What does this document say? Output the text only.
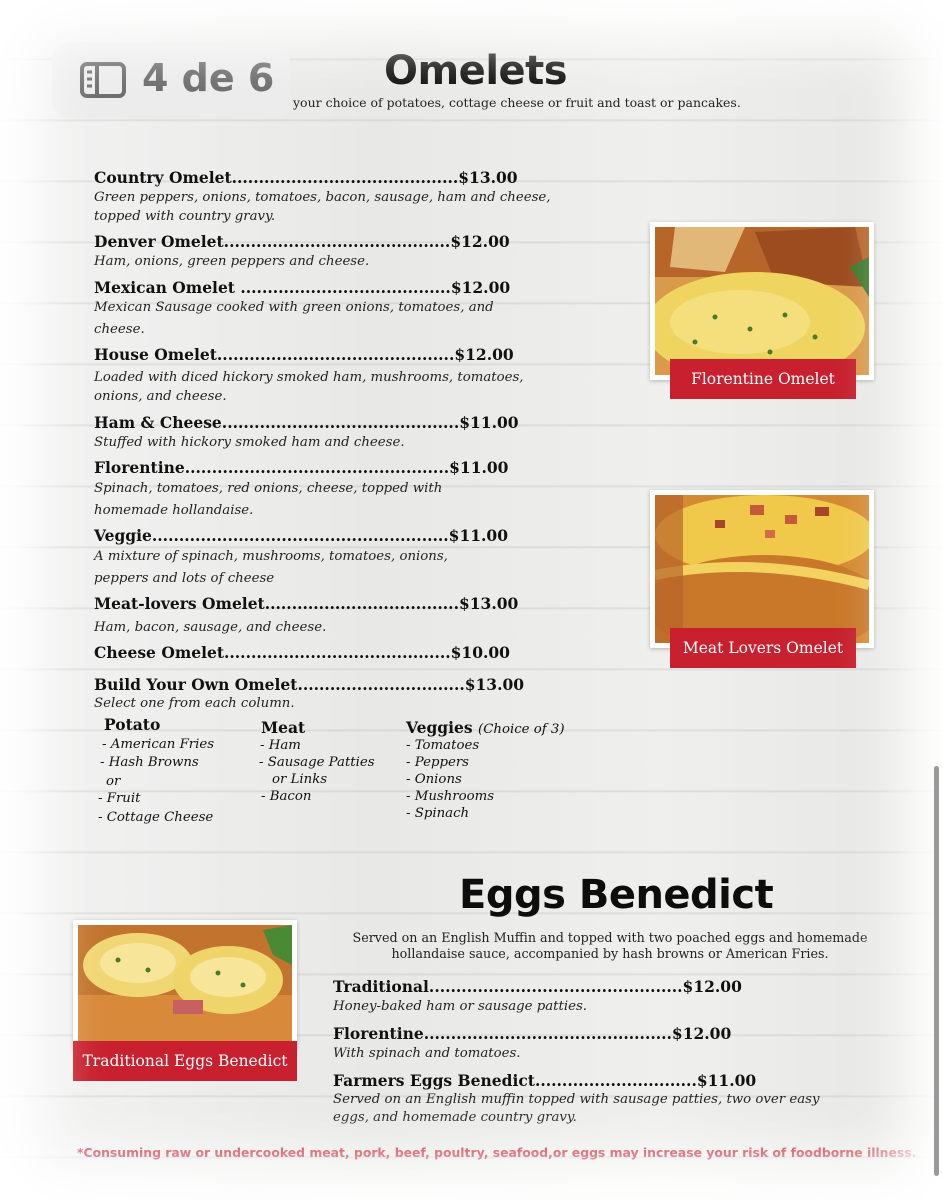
4 de 6	Omelets
your choice of potatoes, cottage cheese or fruit and toast or pancakes.
Country Omelet..........................................$13.00
Green peppers, onions, tomatoes, bacon, sausage, ham and cheese,
topped with country gravy.
Denver Omelet..........................................$12.00
Ham, onions, green peppers and cheese.
Mexican Omelet .......................................$12.00
Mexican Sausage cooked with green onions, tomatoes, and
cheese.
House Omelet............................................$12.00
Loaded with diced hickory smoked ham, mushrooms, tomatoes,
onions, and cheese.
Ham & Cheese............................................$11.00
Stuffed with hickory smoked ham and cheese.
Florentine.................................................$11.00
Spinach, tomatoes, red onions, cheese, topped with
homemade hollandaise.
Veggie.......................................................$11.00
A mixture of spinach, mushrooms, tomatoes, onions,
peppers and lots of cheese
Meat-lovers Omelet....................................$13.00
Ham, bacon, sausage, and cheese.
Cheese Omelet..........................................$10.00
Build Your Own Omelet...............................$13.00
Select one from each column.
Potato
- American Fries
- Hash Browns
or
- Fruit
- Cottage Cheese
Meat
- Ham
- Sausage Patties
or Links
- Bacon
Veggies (Choice of 3)
- Tomatoes
- Peppers
- Onions
- Mushrooms
- Spinach
Florentine Omelet
Meat Lovers Omelet
Eggs Benedict
Served on an English Muffin and topped with two poached eggs and homemade
hollandaise sauce, accompanied by hash browns or American Fries.
Traditional...............................................$12.00
Honey-baked ham or sausage patties.
Florentine..............................................$12.00
With spinach and tomatoes.
Farmers Eggs Benedict..............................$11.00
Served on an English muffin topped with sausage patties, two over easy
eggs, and homemade country gravy.
Traditional Eggs Benedict
*Consuming raw or undercooked meat, pork, beef, poultry, seafood,or eggs may increase your risk of foodborne illness.
